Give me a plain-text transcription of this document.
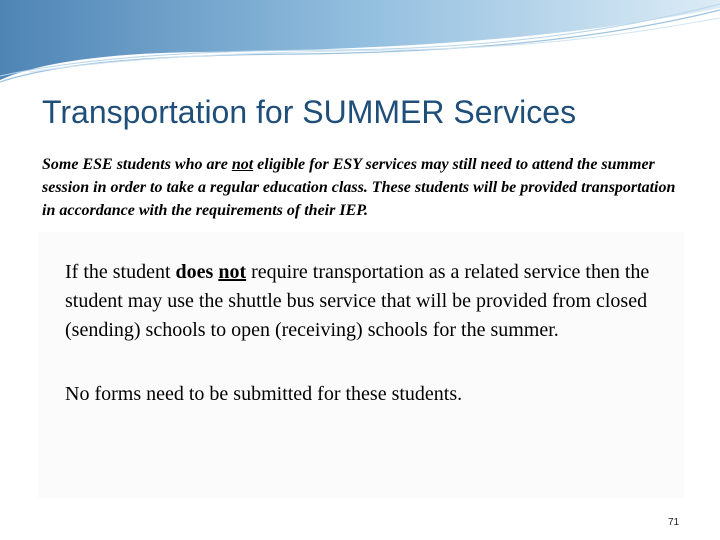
Transportation for SUMMER Services

Some ESE students who are not eligible for ESY services may still need to attend the summer session in order to take a regular education class. These students will be provided transportation in accordance with the requirements of their IEP.

If the student does not require transportation as a related service then the student may use the shuttle bus service that will be provided from closed (sending) schools to open (receiving) schools for the summer.
No forms need to be submitted for these students.
71
